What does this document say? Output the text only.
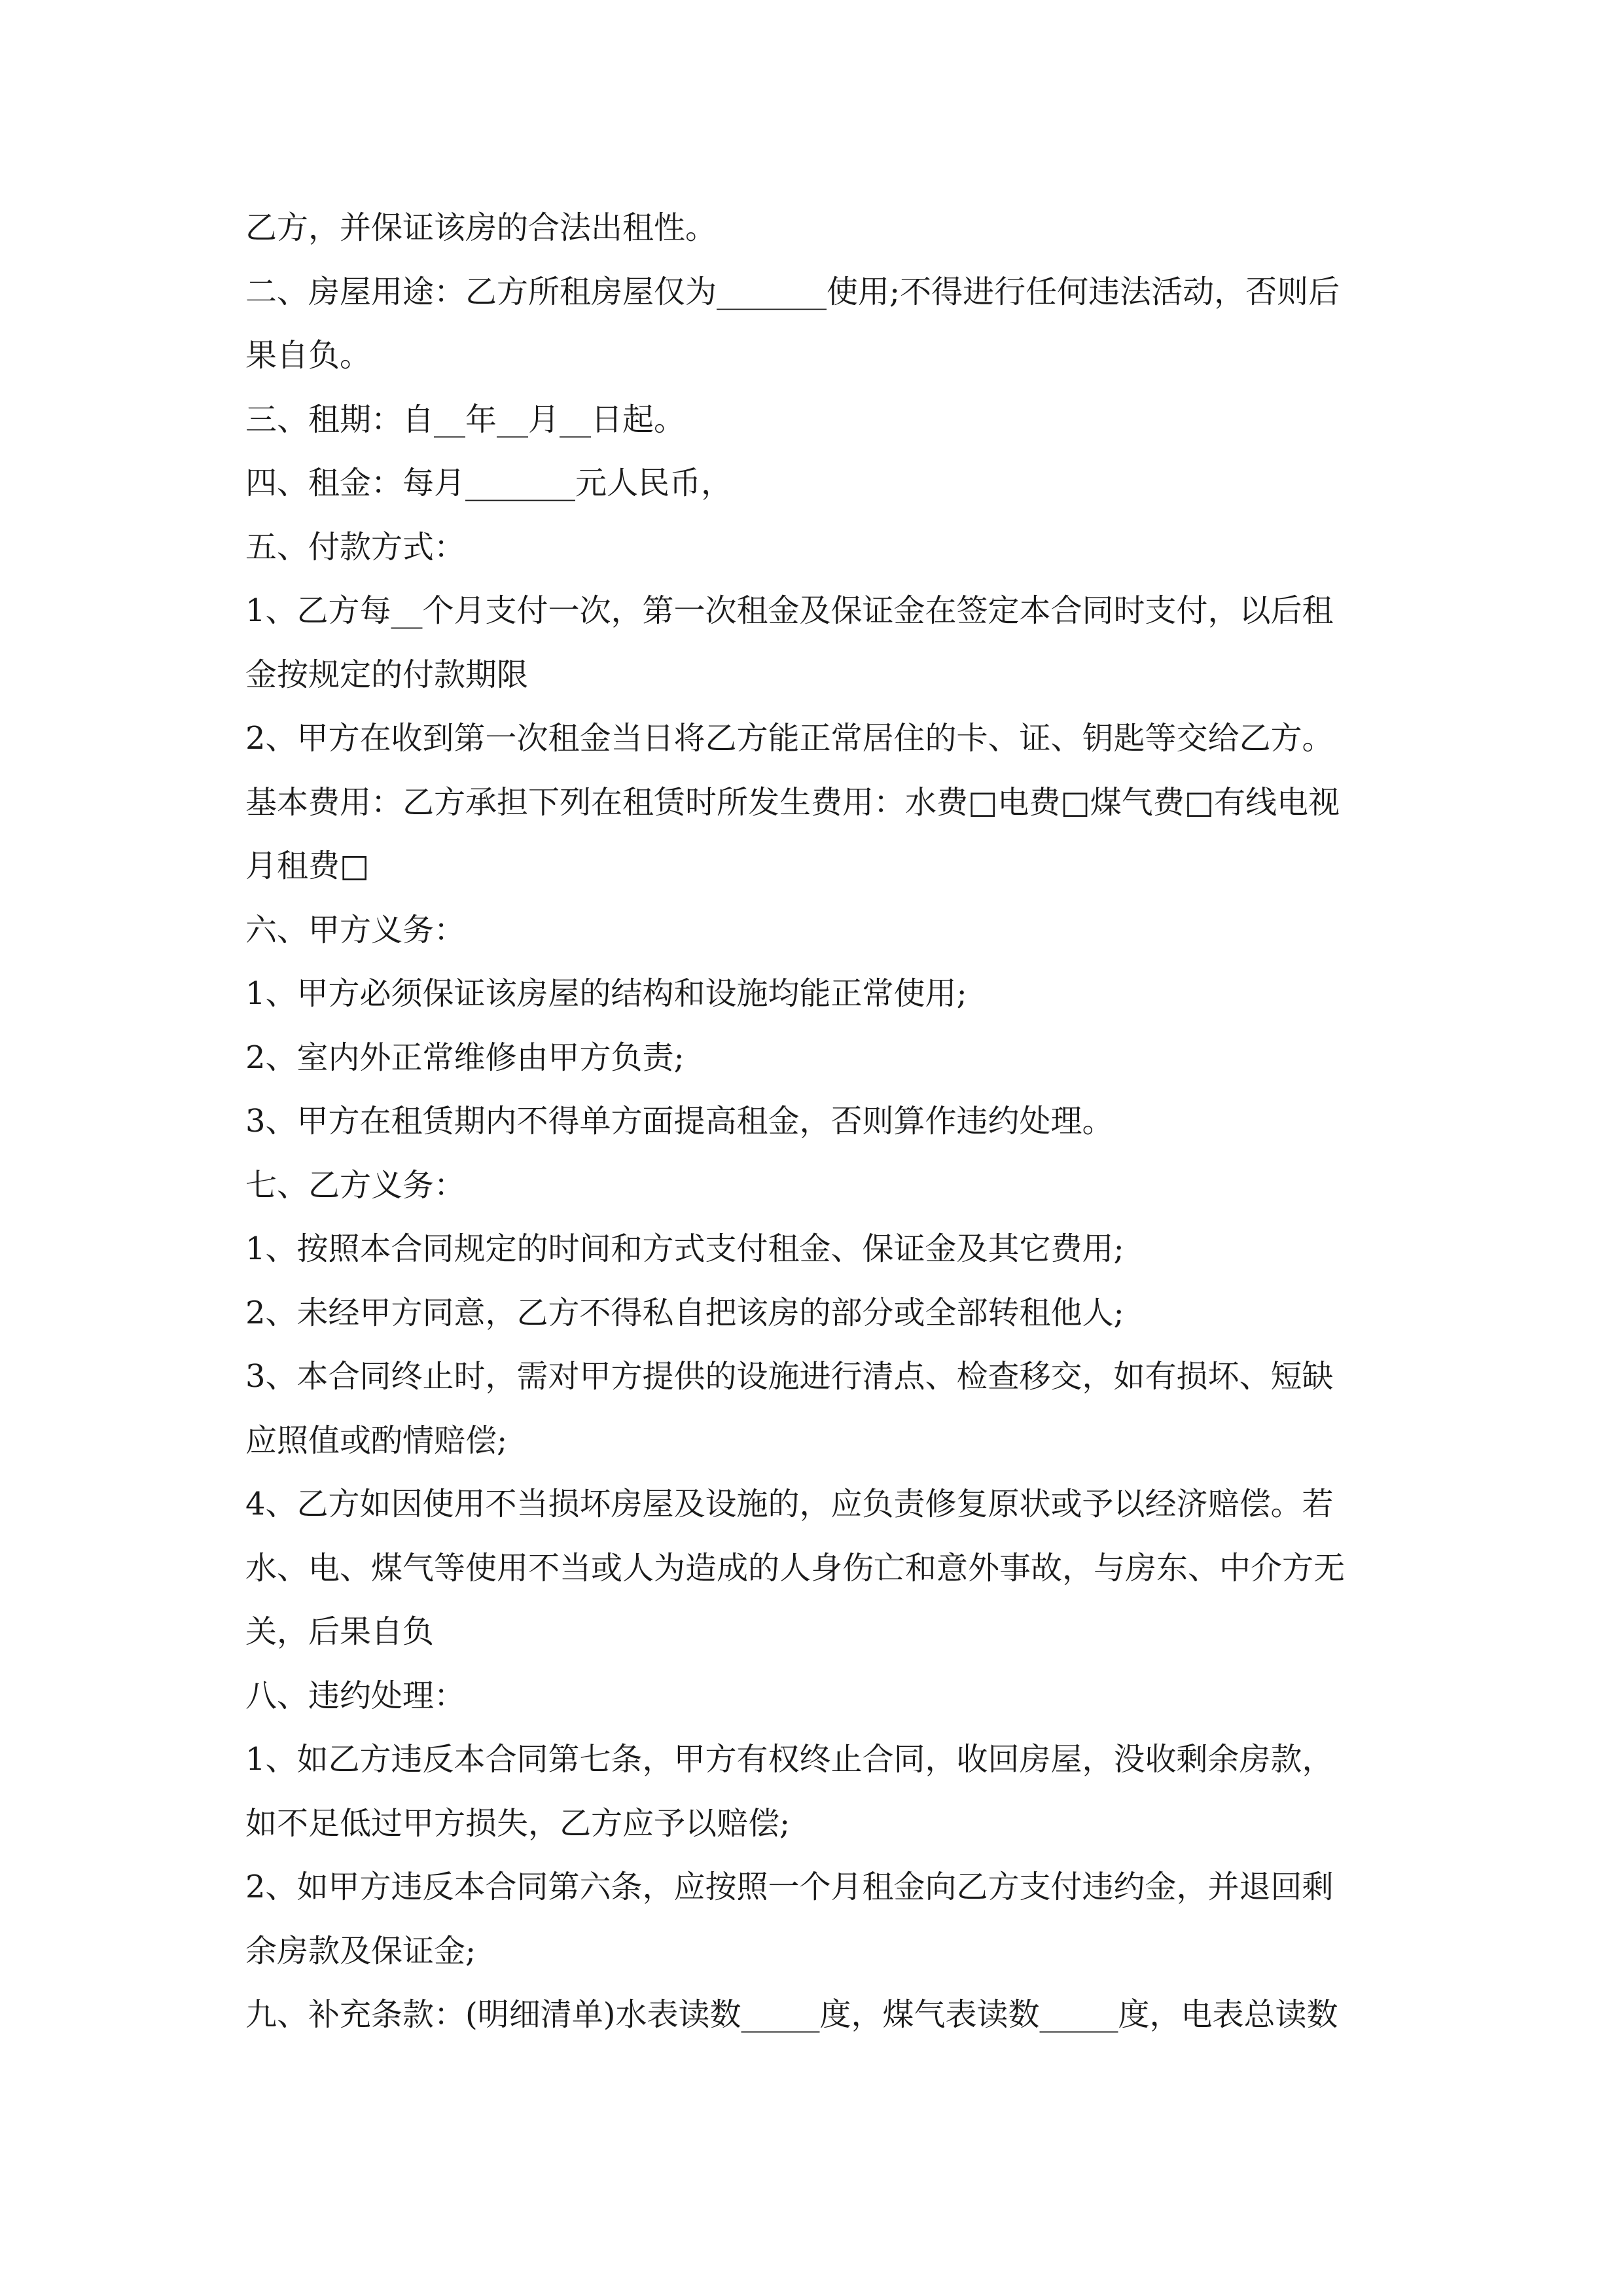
乙方，并保证该房的合法出租性。
二、房屋用途：乙方所租房屋仅为_______使用;不得进行任何违法活动，否则后
果自负。
三、租期：自__年__月__日起。
四、租金：每月_______元人民币，
五、付款方式：
1、乙方每__个月支付一次，第一次租金及保证金在签定本合同时支付，以后租
金按规定的付款期限
2、甲方在收到第一次租金当日将乙方能正常居住的卡、证、钥匙等交给乙方。
基本费用：乙方承担下列在租赁时所发生费用：水费□电费□煤气费□有线电视
月租费□
六、甲方义务：
1、甲方必须保证该房屋的结构和设施均能正常使用;
2、室内外正常维修由甲方负责;
3、甲方在租赁期内不得单方面提高租金，否则算作违约处理。
七、乙方义务：
1、按照本合同规定的时间和方式支付租金、保证金及其它费用;
2、未经甲方同意，乙方不得私自把该房的部分或全部转租他人;
3、本合同终止时，需对甲方提供的设施进行清点、检查移交，如有损坏、短缺
应照值或酌情赔偿;
4、乙方如因使用不当损坏房屋及设施的，应负责修复原状或予以经济赔偿。若
水、电、煤气等使用不当或人为造成的人身伤亡和意外事故，与房东、中介方无
关，后果自负
八、违约处理：
1、如乙方违反本合同第七条，甲方有权终止合同，收回房屋，没收剩余房款，
如不足低过甲方损失，乙方应予以赔偿;
2、如甲方违反本合同第六条，应按照一个月租金向乙方支付违约金，并退回剩
余房款及保证金;
九、补充条款：(明细清单)水表读数_____度，煤气表读数_____度，电表总读数
